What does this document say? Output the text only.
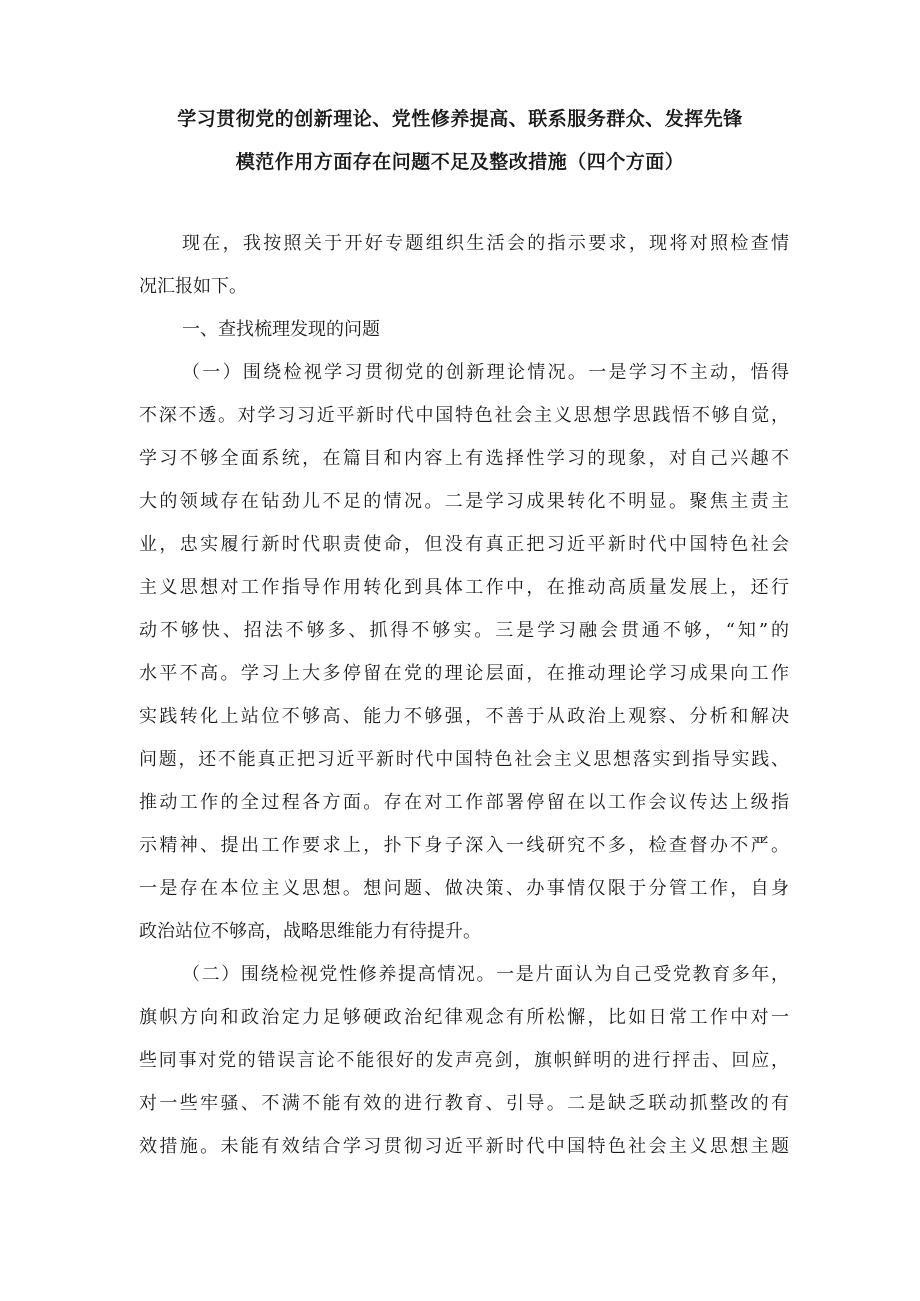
学习贯彻党的创新理论、党性修养提高、联系服务群众、发挥先锋
模范作用方面存在问题不足及整改措施（四个方面）
现在，我按照关于开好专题组织生活会的指示要求，现将对照检查情
况汇报如下。
一、查找梳理发现的问题
（一）围绕检视学习贯彻党的创新理论情况。一是学习不主动，悟得
不深不透。对学习习近平新时代中国特色社会主义思想学思践悟不够自觉，
学习不够全面系统，在篇目和内容上有选择性学习的现象，对自己兴趣不
大的领域存在钻劲儿不足的情况。二是学习成果转化不明显。聚焦主责主
业，忠实履行新时代职责使命，但没有真正把习近平新时代中国特色社会
主义思想对工作指导作用转化到具体工作中，在推动高质量发展上，还行
动不够快、招法不够多、抓得不够实。三是学习融会贯通不够，“知”的
水平不高。学习上大多停留在党的理论层面，在推动理论学习成果向工作
实践转化上站位不够高、能力不够强，不善于从政治上观察、分析和解决
问题，还不能真正把习近平新时代中国特色社会主义思想落实到指导实践、
推动工作的全过程各方面。存在对工作部署停留在以工作会议传达上级指
示精神、提出工作要求上，扑下身子深入一线研究不多，检查督办不严。
一是存在本位主义思想。想问题、做决策、办事情仅限于分管工作，自身
政治站位不够高，战略思维能力有待提升。
（二）围绕检视党性修养提高情况。一是片面认为自己受党教育多年，
旗帜方向和政治定力足够硬政治纪律观念有所松懈，比如日常工作中对一
些同事对党的错误言论不能很好的发声亮剑，旗帜鲜明的进行抨击、回应，
对一些牢骚、不满不能有效的进行教育、引导。二是缺乏联动抓整改的有
效措施。未能有效结合学习贯彻习近平新时代中国特色社会主义思想主题
